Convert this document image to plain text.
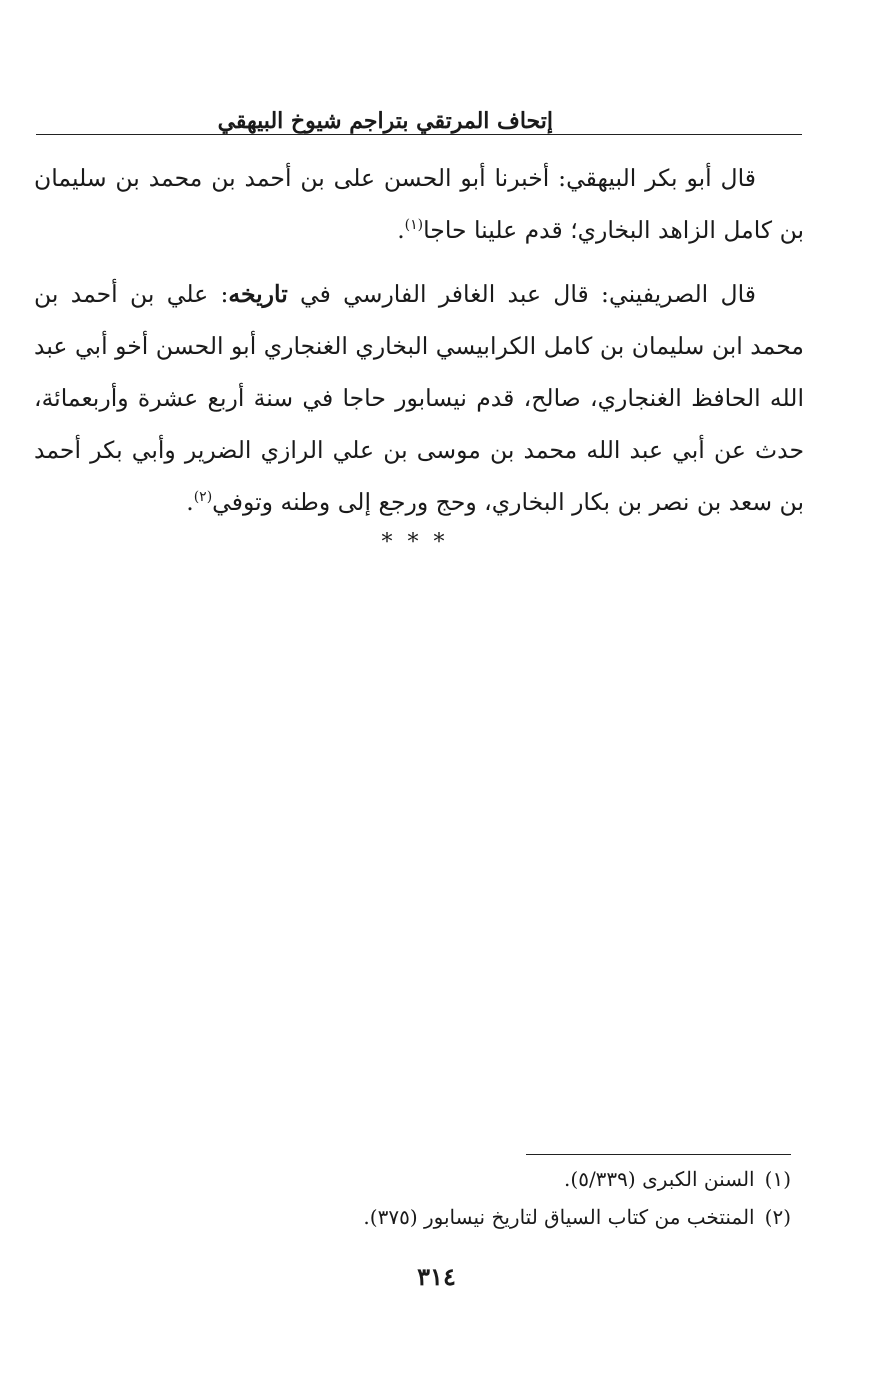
إتحاف المرتقي بتراجم شيوخ البيهقي

قال أبو بكر البيهقي: أخبرنا أبو الحسن على بن أحمد بن محمد بن سليمان بن كامل الزاهد البخاري؛ قدم علينا حاجا$^{(١)}$.

قال الصريفيني: قال عبد الغافر الفارسي في تاريخه: علي بن أحمد بن محمد ابن سليمان بن كامل الكرابيسي البخاري الغنجاري أبو الحسن أخو أبي عبد الله الحافظ الغنجاري، صالح، قدم نيسابور حاجا في سنة أربع عشرة وأربعمائة، حدث عن أبي عبد الله محمد بن موسى بن علي الرازي الضرير وأبي بكر أحمد بن سعد بن نصر بن بكار البخاري، وحج ورجع إلى وطنه وتوفي$^{(٢)}$.

* * *
(١)السنن الكبرى (٥/٣٣٩).
(٢)المنتخب من كتاب السياق لتاريخ نيسابور (٣٧٥).
٣١٤
